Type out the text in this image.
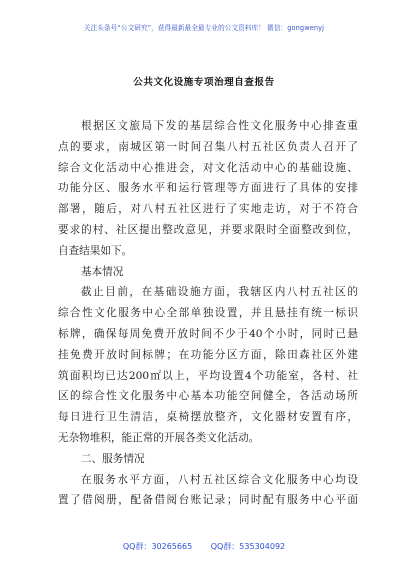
关注头条号“公文研究”，获得最新最全最专业的公文资料库！ 微信：gongwenyj
公共文化设施专项治理自查报告
根据区文旅局下发的基层综合性文化服务中心排查重
点的要求，南城区第一时间召集八村五社区负责人召开了
综合文化活动中心推进会，对文化活动中心的基础设施、
功能分区、服务水平和运行管理等方面进行了具体的安排
部署，随后，对八村五社区进行了实地走访，对于不符合
要求的村、社区提出整改意见，并要求限时全面整改到位，
自查结果如下。
基本情况
截止目前，在基础设施方面，我辖区内八村五社区的
综合性文化服务中心全部单独设置，并且悬挂有统一标识
标牌，确保每周免费开放时间不少于40个小时，同时已悬
挂免费开放时间标牌；在功能分区方面，除田森社区外建
筑面积均已达200㎡以上，平均设置4个功能室，各村、社
区的综合性文化服务中心基本功能空间健全，各活动场所
每日进行卫生清洁，桌椅摆放整齐，文化器材安置有序，
无杂物堆积，能正常的开展各类文化活动。
二、服务情况
在服务水平方面，八村五社区综合文化服务中心均设
置了借阅册，配备借阅台账记录；同时配有服务中心平面
QQ群：30265665 QQ群：535304092
